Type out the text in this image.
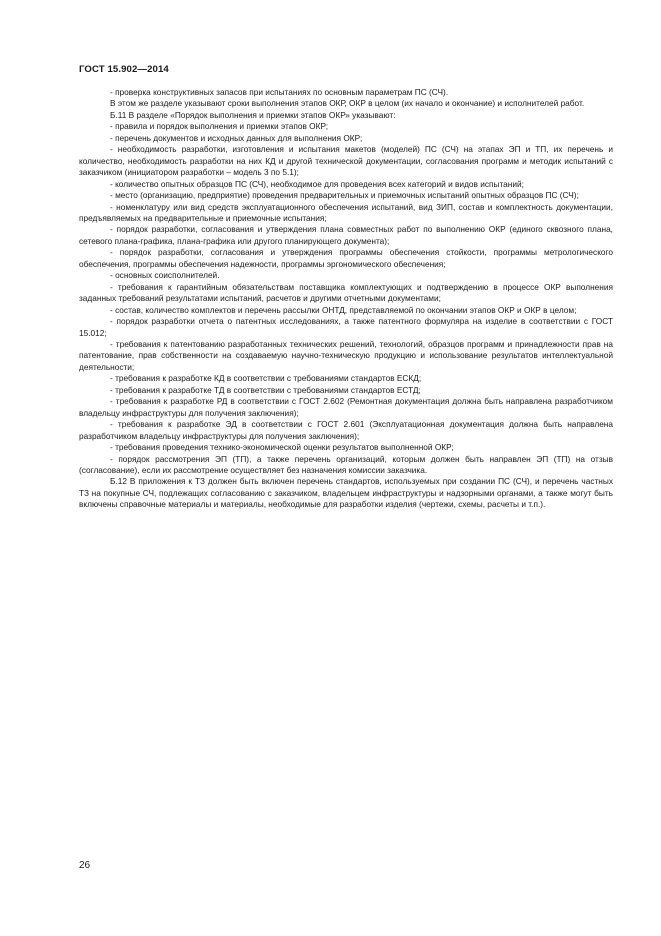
ГОСТ 15.902—2014

- проверка конструктивных запасов при испытаниях по основным параметрам ПС (СЧ).

В этом же разделе указывают сроки выполнения этапов ОКР, ОКР в целом (их начало и окончание) и исполнителей работ.

Б.11 В разделе «Порядок выполнения и приемки этапов ОКР» указывают:

- правила и порядок выполнения и приемки этапов ОКР;

- перечень документов и исходных данных для выполнения ОКР;

- необходимость разработки, изготовления и испытания макетов (моделей) ПС (СЧ) на этапах ЭП и ТП, их перечень и количество, необходимость разработки на них КД и другой технической документации, согласования программ и методик испытаний с заказчиком (инициатором разработки – модель 3 по 5.1);

- количество опытных образцов ПС (СЧ), необходимое для проведения всех категорий и видов испытаний;

- место (организацию, предприятие) проведения предварительных и приемочных испытаний опытных образцов ПС (СЧ);

- номенклатуру или вид средств эксплуатационного обеспечения испытаний, вид ЗИП, состав и комплектность документации, предъявляемых на предварительные и приемочные испытания;

- порядок разработки, согласования и утверждения плана совместных работ по выполнению ОКР (единого сквозного плана, сетевого плана-графика, плана-графика или другого планирующего документа);

- порядок разработки, согласования и утверждения программы обеспечения стойкости, программы метрологического обеспечения, программы обеспечения надежности, программы эргономического обеспечения;

- основных соисполнителей.

- требования к гарантийным обязательствам поставщика комплектующих и подтверждению в процессе ОКР выполнения заданных требований результатами испытаний, расчетов и другими отчетными документами;

- состав, количество комплектов и перечень рассылки ОНТД, представляемой по окончании этапов ОКР и ОКР в целом;

- порядок разработки отчета о патентных исследованиях, а также патентного формуляра на изделие в соответствии с ГОСТ 15.012;

- требования к патентованию разработанных технических решений, технологий, образцов программ и принадлежности прав на патентование, прав собственности на создаваемую научно-техническую продукцию и использование результатов интеллектуальной деятельности;

- требования к разработке КД в соответствии с требованиями стандартов ЕСКД;

- требования к разработке ТД в соответствии с требованиями стандартов ЕСТД;

- требования к разработке РД в соответствии с ГОСТ 2.602 (Ремонтная документация должна быть направлена разработчиком владельцу инфраструктуры для получения заключения);

- требования к разработке ЭД в соответствии с ГОСТ 2.601 (Эксплуатационная документация должна быть направлена разработчиком владельцу инфраструктуры для получения заключения);

- требования проведения технико-экономической оценки результатов выполненной ОКР;

- порядок рассмотрения ЭП (ТП), а также перечень организаций, которым должен быть направлен ЭП (ТП) на отзыв (согласование), если их рассмотрение осуществляет без назначения комиссии заказчика.

Б.12 В приложения к ТЗ должен быть включен перечень стандартов, используемых при создании ПС (СЧ), и перечень частных ТЗ на покупные СЧ, подлежащих согласованию с заказчиком, владельцем инфраструктуры и надзорными органами, а также могут быть включены справочные материалы и материалы, необходимые для разработки изделия (чертежи, схемы, расчеты и т.п.).

26
